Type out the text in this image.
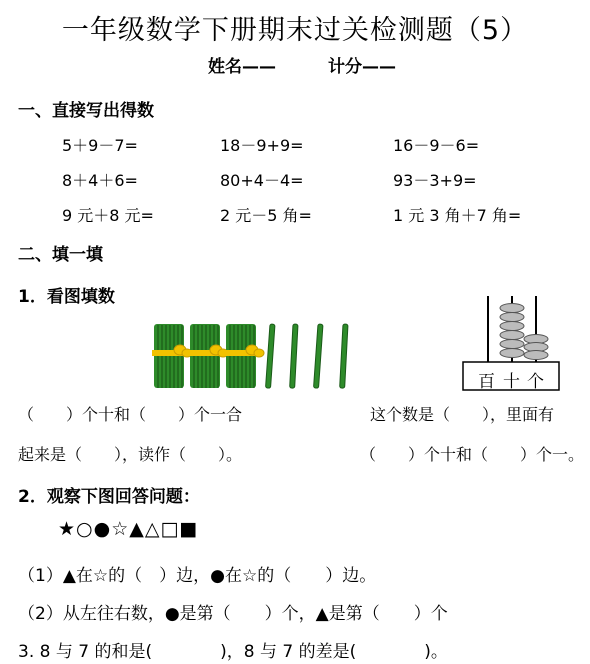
一年级数学下册期末过关检测题（5）
姓名——	计分——
一、直接写出得数
5＋9－7=	18－9+9=	16－9－6=
8＋4＋6=	80+4－4=	93－3+9=
9 元＋8 元=	2 元－5 角=	1 元 3 角＋7 角=
二、填一填
1．看图填数
百 十 个
（　　）个十和（　　）个一合
起来是（　　），读作（　　）。
这个数是（　　），里面有
（　　）个十和（　　）个一。
2．观察下图回答问题：
★○●☆▲△□■
（1）▲在☆的（　）边，●在☆的（　　）边。
（2）从左往右数，●是第（　　）个，▲是第（　　）个
3. 8 与 7 的和是(　　　　)，8 与 7 的差是(　　　　)。
